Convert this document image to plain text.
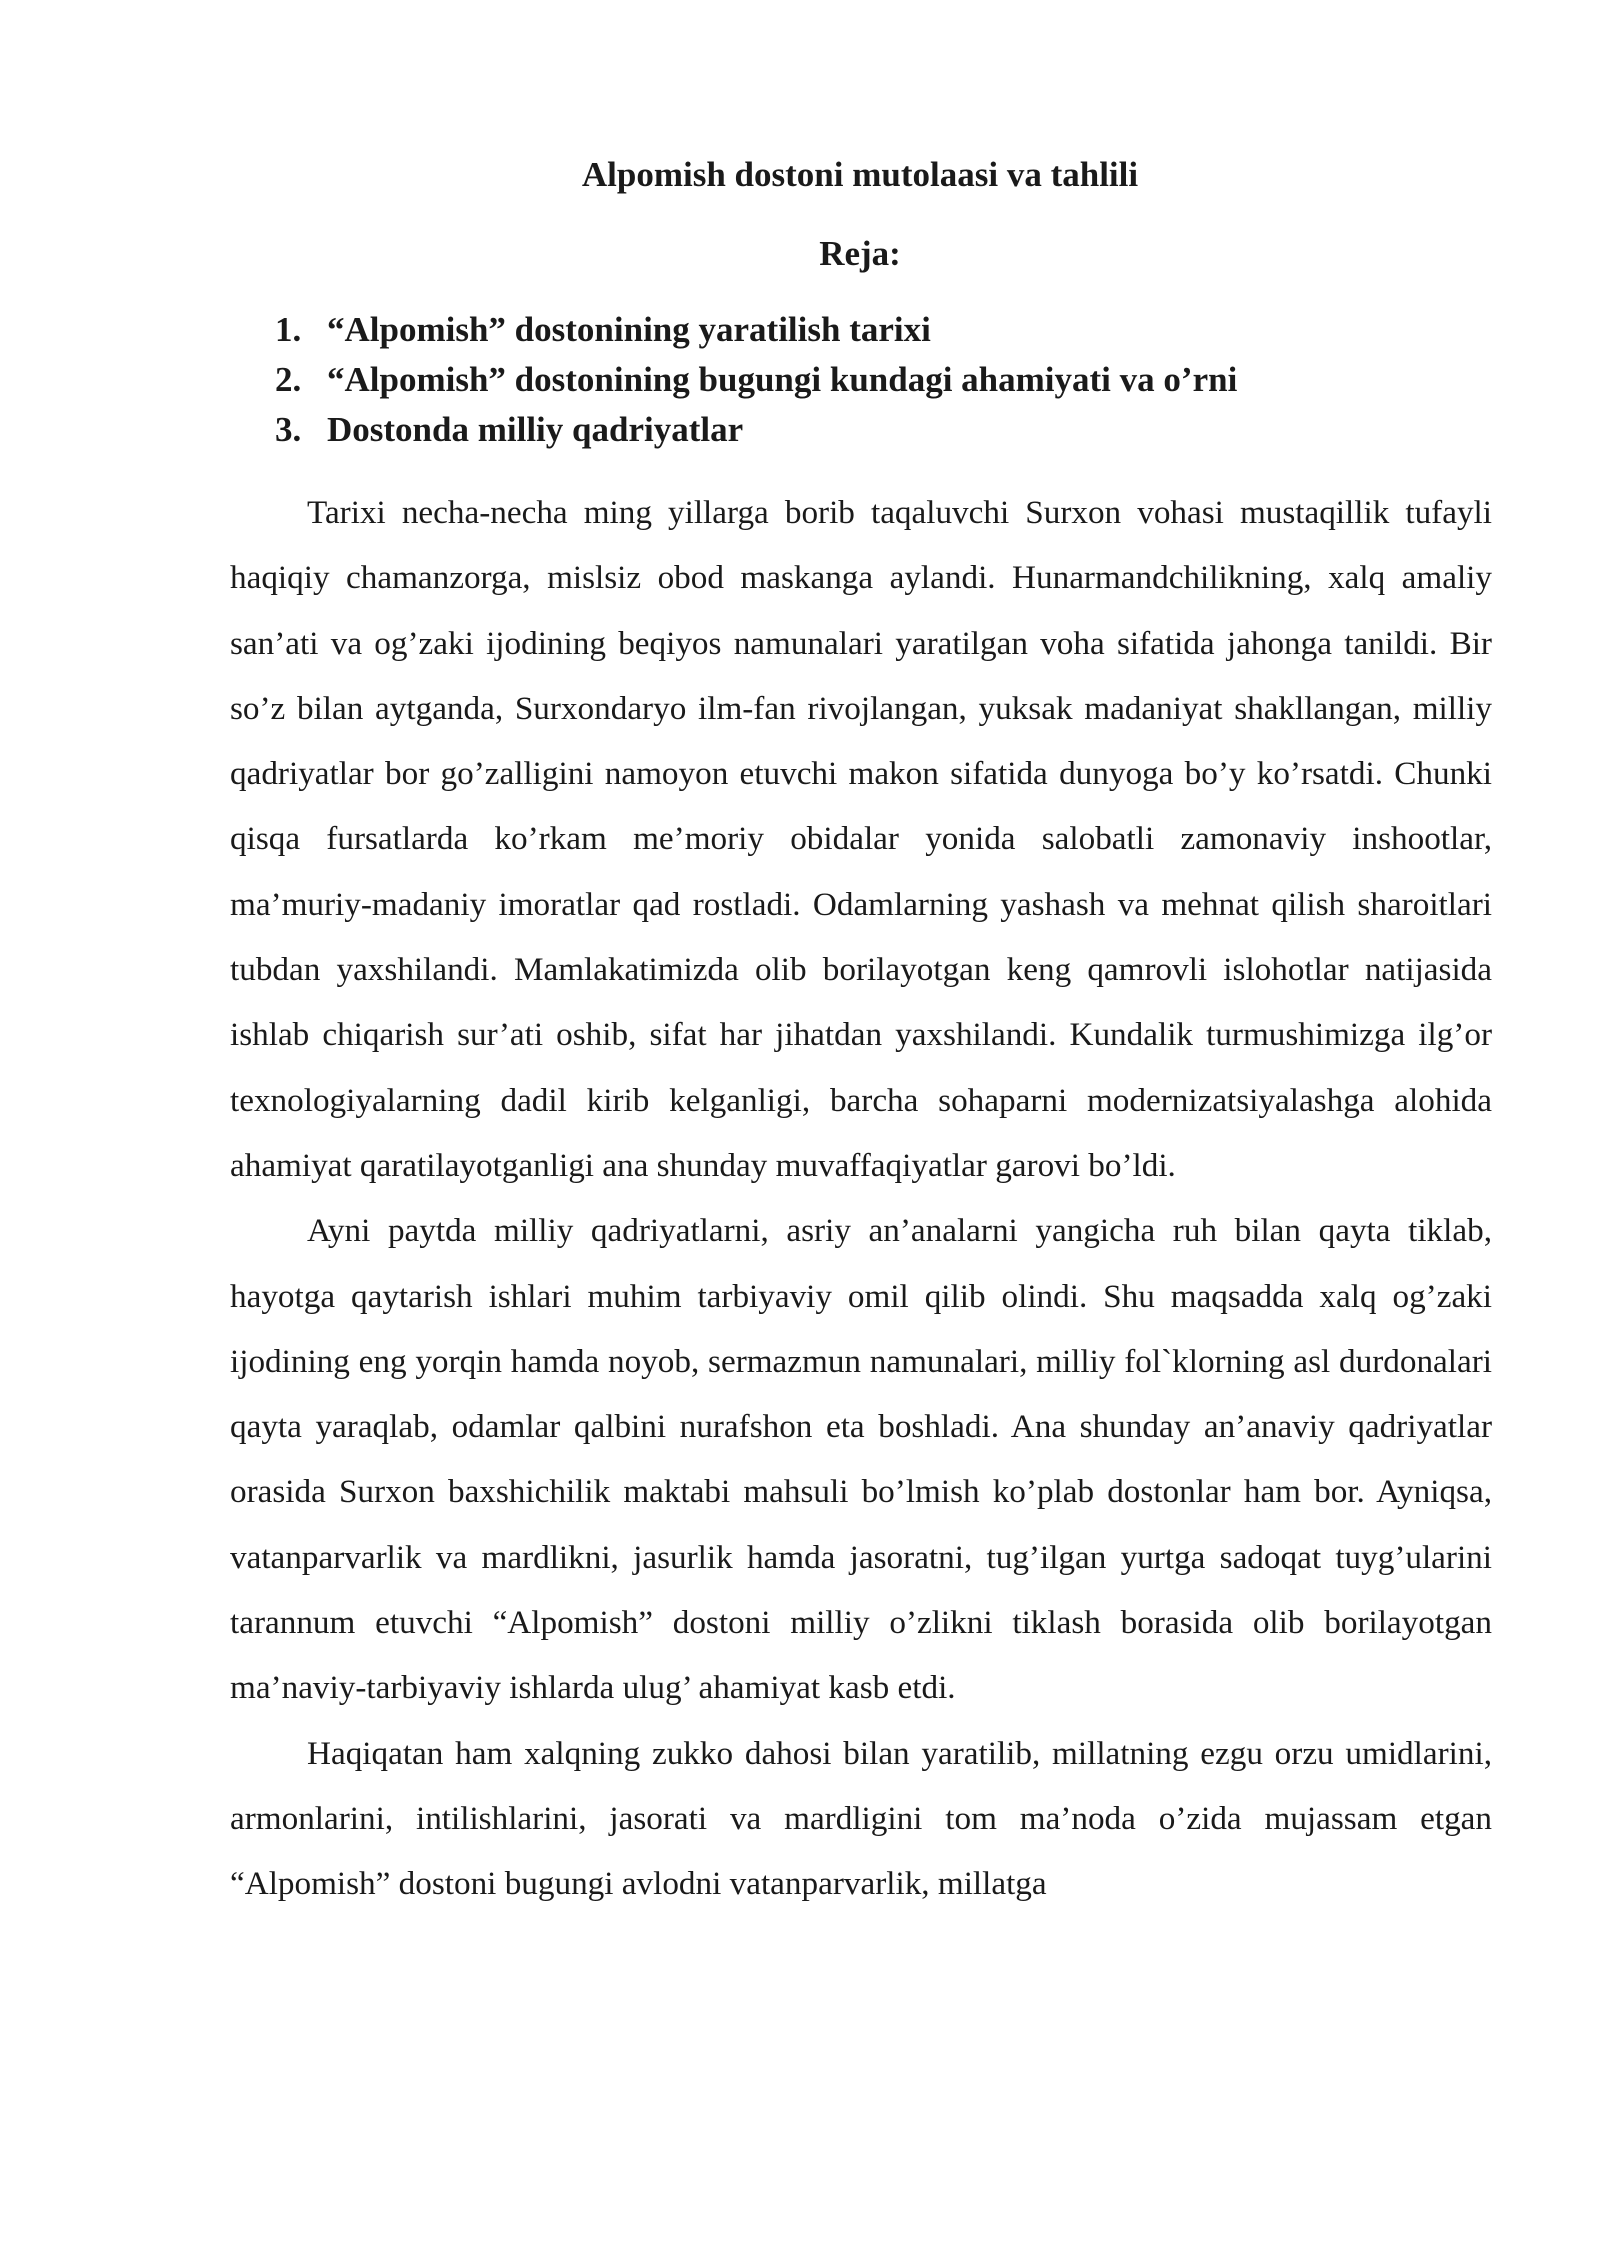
Alpomish dostoni mutolaasi va tahlili
Reja:
1. “Alpomish” dostonining yaratilish tarixi
2. “Alpomish” dostonining bugungi kundagi ahamiyati va o’rni
3. Dostonda milliy qadriyatlar

Tarixi necha-necha ming yillarga borib taqaluvchi Surxon vohasi mustaqillik tufayli haqiqiy chamanzorga, mislsiz obod maskanga aylandi. Hunarmandchilikning, xalq amaliy san’ati va og’zaki ijodining beqiyos namunalari yaratilgan voha sifatida jahonga tanildi. Bir so’z bilan aytganda, Surxondaryo ilm-fan rivojlangan, yuksak madaniyat shakllangan, milliy qadriyatlar bor go’zalligini namoyon etuvchi makon sifatida dunyoga bo’y ko’rsatdi. Chunki qisqa fursatlarda ko’rkam me’moriy obidalar yonida salobatli zamonaviy inshootlar, ma’muriy-madaniy imoratlar qad rostladi. Odamlarning yashash va mehnat qilish sharoitlari tubdan yaxshilandi. Mamlakatimizda olib borilayotgan keng qamrovli islohotlar natijasida ishlab chiqarish sur’ati oshib, sifat har jihatdan yaxshilandi. Kundalik turmushimizga ilg’or texnologiyalarning dadil kirib kelganligi, barcha sohaparni modernizatsiyalashga alohida ahamiyat qaratilayotganligi ana shunday muvaffaqiyatlar garovi bo’ldi.

Ayni paytda milliy qadriyatlarni, asriy an’analarni yangicha ruh bilan qayta tiklab, hayotga qaytarish ishlari muhim tarbiyaviy omil qilib olindi. Shu maqsadda xalq og’zaki ijodining eng yorqin hamda noyob, sermazmun namunalari, milliy fol`klorning asl durdonalari qayta yaraqlab, odamlar qalbini nurafshon eta boshladi. Ana shunday an’anaviy qadriyatlar orasida Surxon baxshichilik maktabi mahsuli bo’lmish ko’plab dostonlar ham bor. Ayniqsa, vatanparvarlik va mardlikni, jasurlik hamda jasoratni, tug’ilgan yurtga sadoqat tuyg’ularini tarannum etuvchi “Alpomish” dostoni milliy o’zlikni tiklash borasida olib borilayotgan ma’naviy-tarbiyaviy ishlarda ulug’ ahamiyat kasb etdi.

Haqiqatan ham xalqning zukko dahosi bilan yaratilib, millatning ezgu orzu umidlarini, armonlarini, intilishlarini, jasorati va mardligini tom ma’noda o’zida mujassam etgan “Alpomish” dostoni bugungi avlodni vatanparvarlik, millatga
